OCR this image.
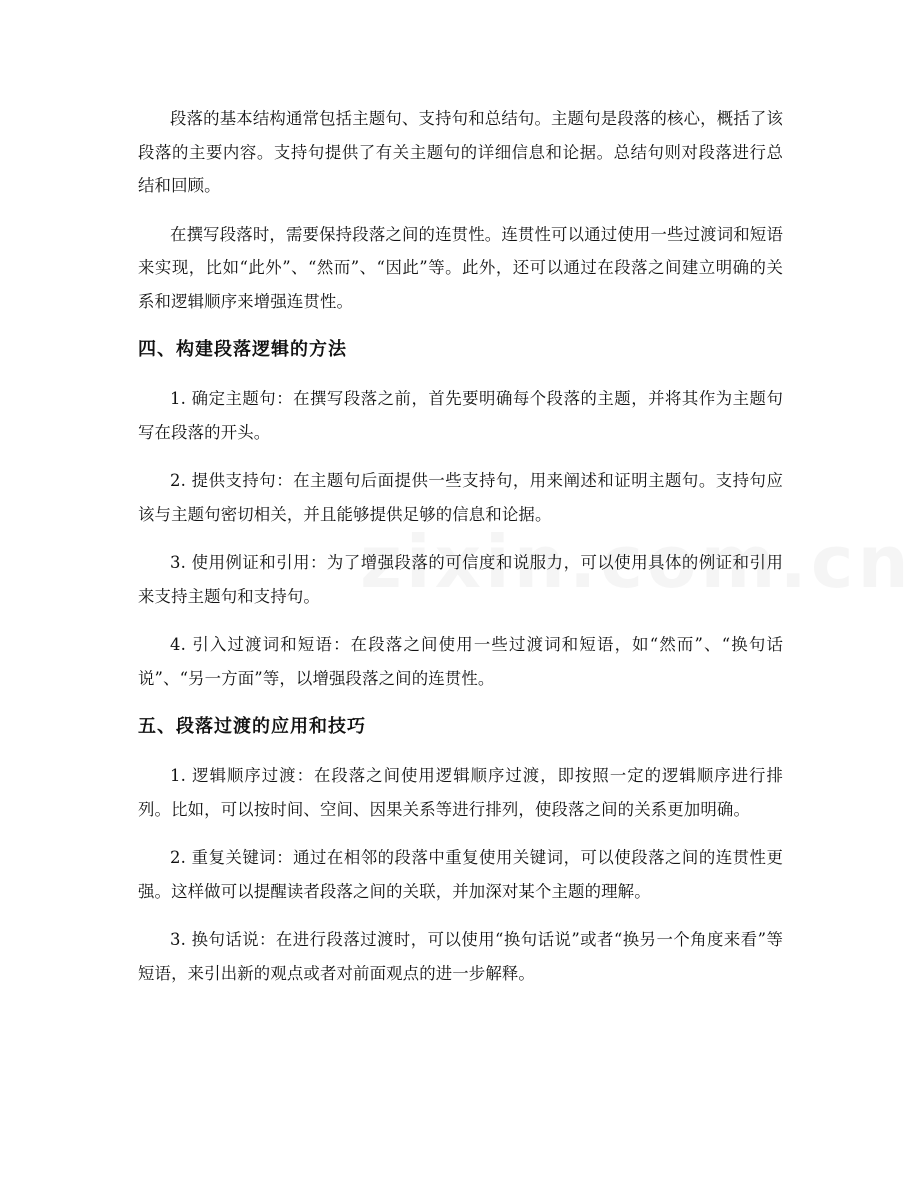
段落的基本结构通常包括主题句、支持句和总结句。主题句是段落的核心，概括了该段落的主要内容。支持句提供了有关主题句的详细信息和论据。总结句则对段落进行总结和回顾。

在撰写段落时，需要保持段落之间的连贯性。连贯性可以通过使用一些过渡词和短语来实现，比如“此外”、“然而”、“因此”等。此外，还可以通过在段落之间建立明确的关系和逻辑顺序来增强连贯性。

四、构建段落逻辑的方法

1. 确定主题句：在撰写段落之前，首先要明确每个段落的主题，并将其作为主题句写在段落的开头。

2. 提供支持句：在主题句后面提供一些支持句，用来阐述和证明主题句。支持句应该与主题句密切相关，并且能够提供足够的信息和论据。

3. 使用例证和引用：为了增强段落的可信度和说服力，可以使用具体的例证和引用来支持主题句和支持句。

4. 引入过渡词和短语：在段落之间使用一些过渡词和短语，如“然而”、“换句话说”、“另一方面”等，以增强段落之间的连贯性。

五、段落过渡的应用和技巧

1. 逻辑顺序过渡：在段落之间使用逻辑顺序过渡，即按照一定的逻辑顺序进行排列。比如，可以按时间、空间、因果关系等进行排列，使段落之间的关系更加明确。

2. 重复关键词：通过在相邻的段落中重复使用关键词，可以使段落之间的连贯性更强。这样做可以提醒读者段落之间的关联，并加深对某个主题的理解。

3. 换句话说：在进行段落过渡时，可以使用“换句话说”或者“换另一个角度来看”等短语，来引出新的观点或者对前面观点的进一步解释。
